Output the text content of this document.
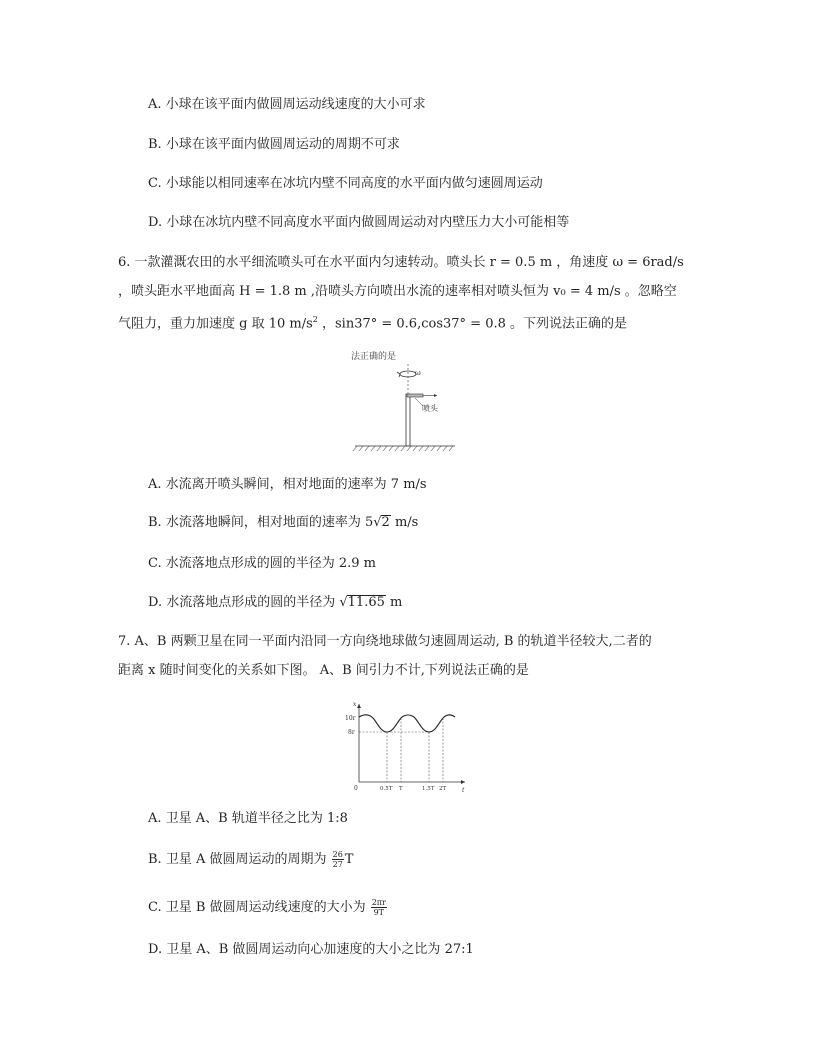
A. 小球在该平面内做圆周运动线速度的大小可求
B. 小球在该平面内做圆周运动的周期不可求
C. 小球能以相同速率在冰坑内壁不同高度的水平面内做匀速圆周运动
D. 小球在冰坑内壁不同高度水平面内做圆周运动对内壁压力大小可能相等
6. 一款灌溉农田的水平细流喷头可在水平面内匀速转动。喷头长 r = 0.5 m ，角速度 ω = 6rad/s
，喷头距水平地面高 H = 1.8 m ,沿喷头方向喷出水流的速率相对喷头恒为 v₀ = 4 m/s 。忽略空
气阻力，重力加速度 g 取 10 $m/s^2$ ，sin37° = 0.6,cos37° = 0.8 。下列说法正确的是
法正确的是
ω
喷头
A. 水流离开喷头瞬间，相对地面的速率为 7 m/s
B. 水流落地瞬间，相对地面的速率为 5√2 m/s
C. 水流落地点形成的圆的半径为 2.9 m
D. 水流落地点形成的圆的半径为 √11.65 m
7. A、B 两颗卫星在同一平面内沿同一方向绕地球做匀速圆周运动, B 的轨道半径较大,二者的
距离 x 随时间变化的关系如下图。 A、B 间引力不计,下列说法正确的是
t
x
10r
8r
0	0.5T T	1.5T 2T
A. 卫星 A、B 轨道半径之比为 1:8
B. 卫星 A 做圆周运动的周期为 $\frac{26}{27}$ T
C. 卫星 B 做圆周运动线速度的大小为 $\frac{2\pi r}{9T}$
D. 卫星 A、B 做圆周运动向心加速度的大小之比为 27:1
